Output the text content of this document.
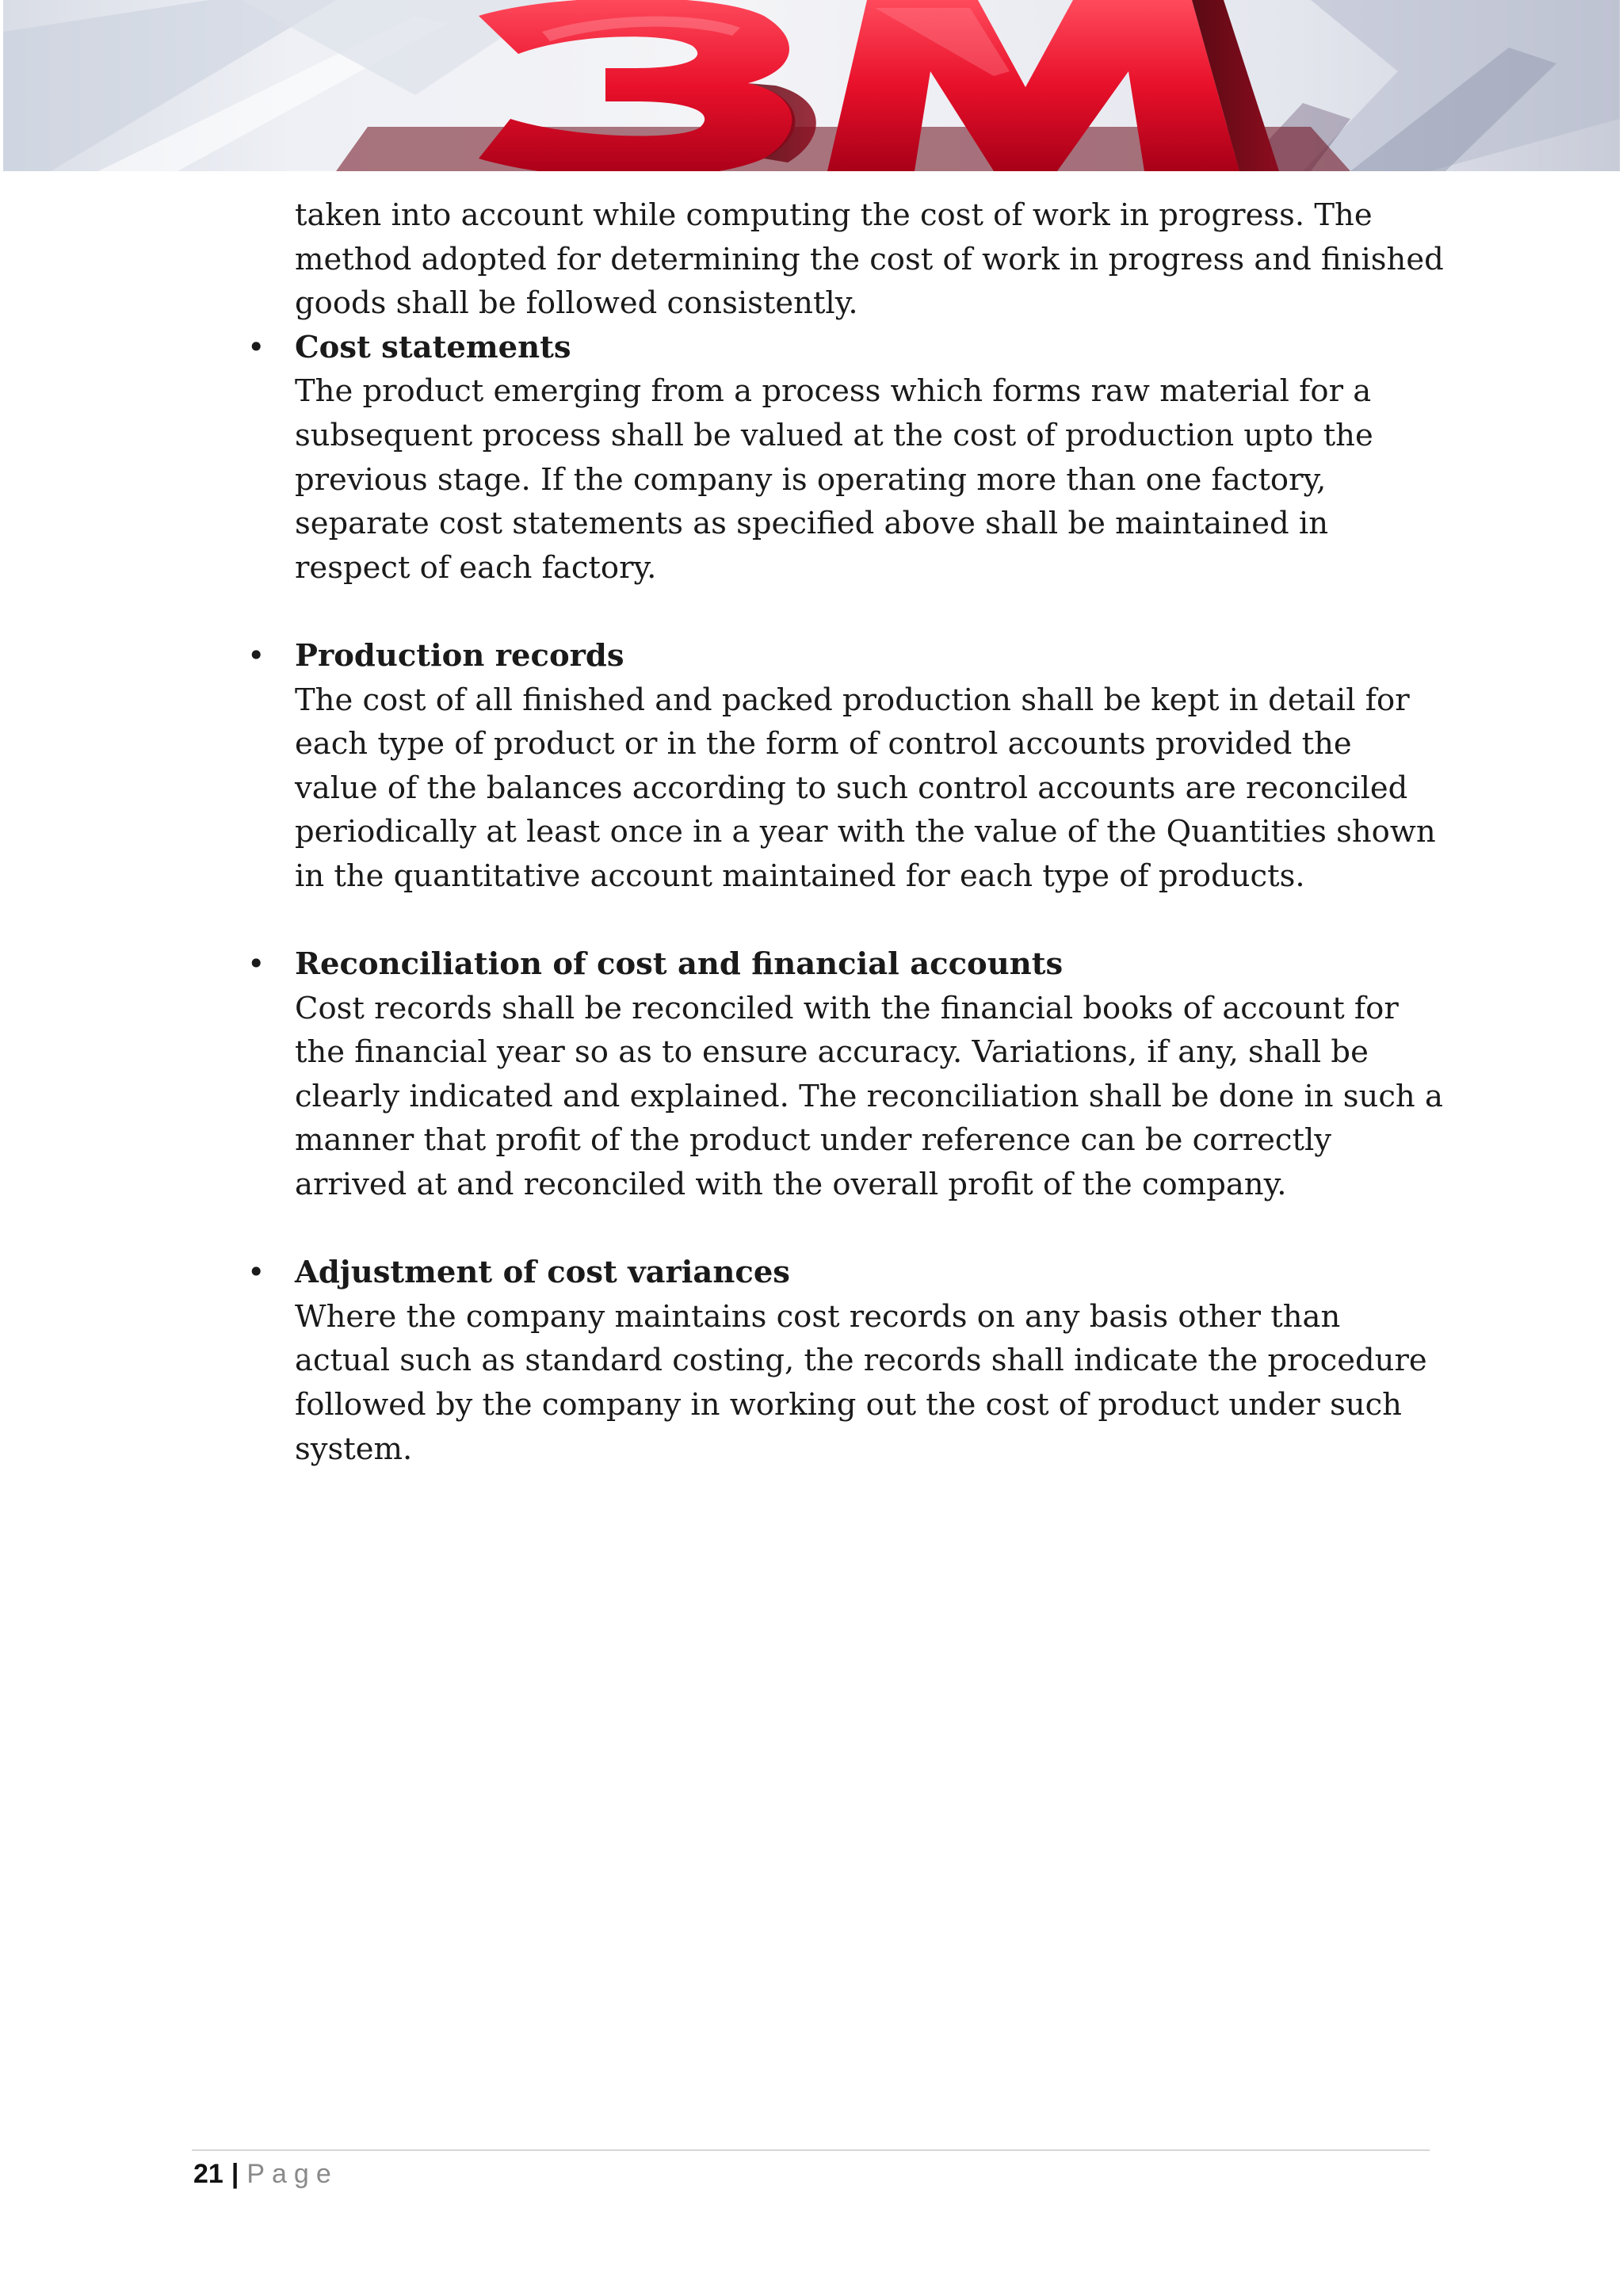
taken into account while computing the cost of work in progress. The method adopted for determining the cost of work in progress and finished goods shall be followed consistently.

• Cost statements

The product emerging from a process which forms raw material for a subsequent process shall be valued at the cost of production upto the previous stage. If the company is operating more than one factory, separate cost statements as specified above shall be maintained in respect of each factory.

• Production records

The cost of all finished and packed production shall be kept in detail for each type of product or in the form of control accounts provided the value of the balances according to such control accounts are reconciled periodically at least once in a year with the value of the Quantities shown in the quantitative account maintained for each type of products.

• Reconciliation of cost and financial accounts

Cost records shall be reconciled with the financial books of account for the financial year so as to ensure accuracy. Variations, if any, shall be clearly indicated and explained. The reconciliation shall be done in such a manner that profit of the product under reference can be correctly arrived at and reconciled with the overall profit of the company.

• Adjustment of cost variances

Where the company maintains cost records on any basis other than actual such as standard costing, the records shall indicate the procedure followed by the company in working out the cost of product under such system.

21 | Page
